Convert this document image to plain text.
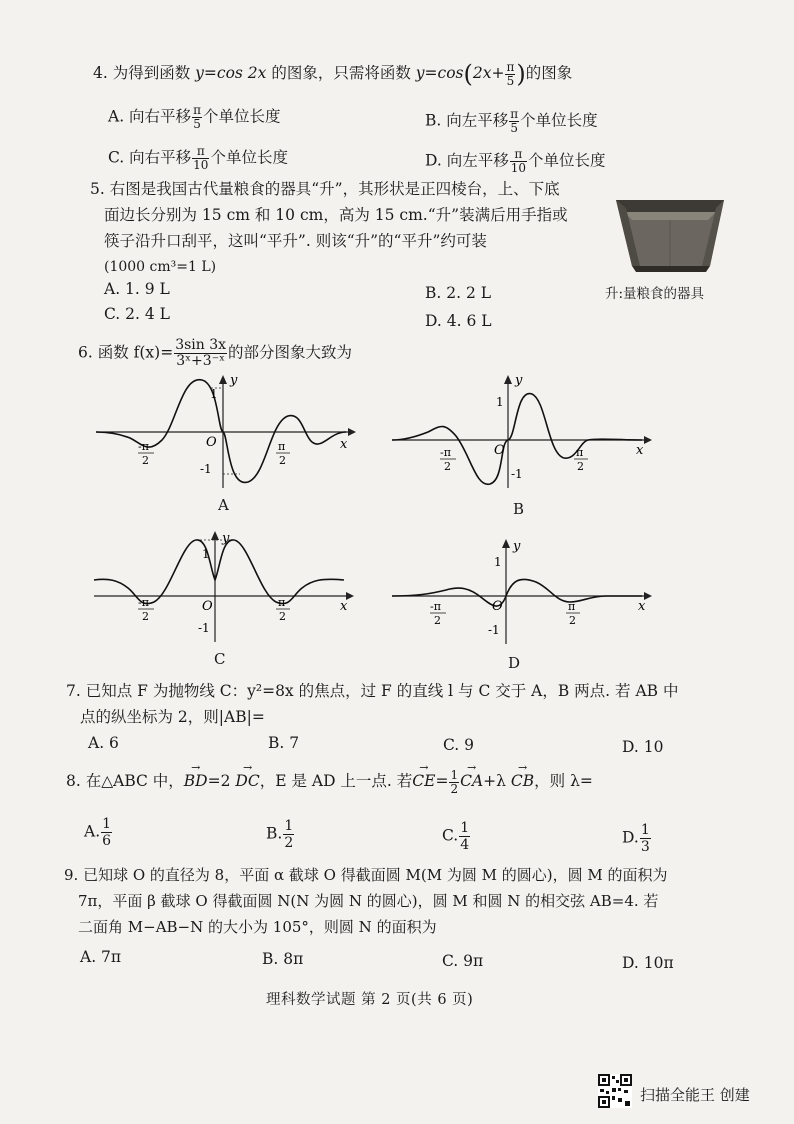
4. 为得到函数 y=cos 2x 的图象，只需将函数 $y=\cos(2x+ \frac{\pi}{5}$ )的图象
A. 向右平移 $\frac{\pi}{5}$ 个单位长度	B. 向左平移 $\frac{\pi}{5}$ 个单位长度
C. 向右平移 $\frac{\pi}{10}$ 个单位长度	D. 向左平移 $\frac{\pi}{10}$ 个单位长度
5. 右图是我国古代量粮食的器具“升”，其形状是正四棱台，上、下底
面边长分别为 15 cm 和 10 cm，高为 15 cm.“升”装满后用手指或
筷子沿升口刮平，这叫“平升”. 则该“升”的“平升”约可装
(1000 cm³=1 L)
A. 1. 9 L	B. 2. 2 L
C. 2. 4 L	D. 4. 6 L
升:量粮食的器具
6. 函数 $f(x)= \frac{3\sin 3x}{\text{3ˣ+3⁻ˣ}}$ 的部分图象大致为
y
x
O
1
-1
-π
2
π
2
A
y
x
O
1
-1
-π
2
π
2
B
y
x
O
1
-1
-π
2
π
2
C
y
x
O
1
-1
-π
2
π
2
D
7. 已知点 F 为抛物线 C：y²=8x 的焦点，过 F 的直线 l 与 C 交于 A，B 两点. 若 AB 中
点的纵坐标为 2，则|AB|=
A. 6	B. 7	C. 9	D. 10
8. 在△ABC 中，→ BD=2 → DC，E 是 AD 上一点. 若→ $CE= \frac{1}{2}$
→ CA+λ → CB，则 λ=
A. $\frac{1}{6}$	B. $\frac{1}{2}$	C. $\frac{1}{4}$	D. $\frac{1}{3}$
9. 已知球 O 的直径为 8，平面 α 截球 O 得截面圆 M(M 为圆 M 的圆心)，圆 M 的面积为
7π，平面 β 截球 O 得截面圆 N(N 为圆 N 的圆心)，圆 M 和圆 N 的相交弦 AB=4. 若
二面角 M−AB−N 的大小为 105°，则圆 N 的面积为
A. 7π	B. 8π	C. 9π	D. 10π
理科数学试题 第 2 页(共 6 页)
扫描全能王 创建
